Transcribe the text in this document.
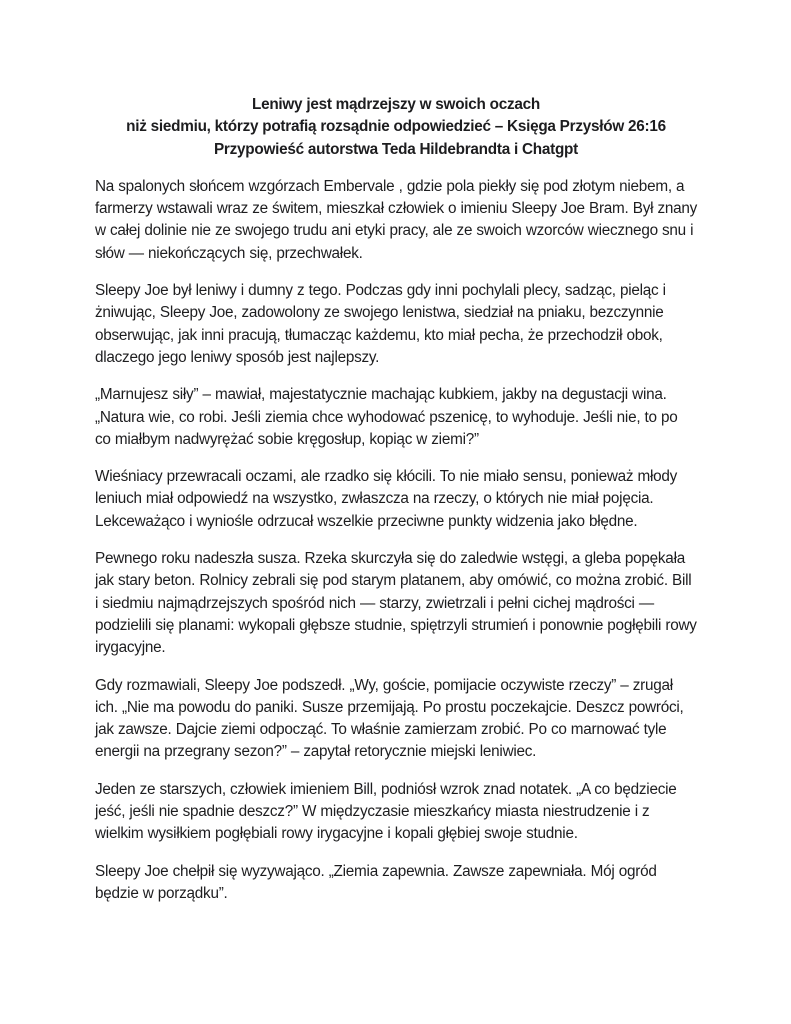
Leniwy jest mądrzejszy w swoich oczach
niż siedmiu, którzy potrafią rozsądnie odpowiedzieć – Księga Przysłów 26:16
Przypowieść autorstwa Teda Hildebrandta i Chatgpt

Na spalonych słońcem wzgórzach Embervale , gdzie pola piekły się pod złotym niebem, a farmerzy wstawali wraz ze świtem, mieszkał człowiek o imieniu Sleepy Joe Bram. Był znany w całej dolinie nie ze swojego trudu ani etyki pracy, ale ze swoich wzorców wiecznego snu i słów — niekończących się, przechwałek.

Sleepy Joe był leniwy i dumny z tego. Podczas gdy inni pochylali plecy, sadząc, pieląc i żniwując, Sleepy Joe, zadowolony ze swojego lenistwa, siedział na pniaku, bezczynnie obserwując, jak inni pracują, tłumacząc każdemu, kto miał pecha, że przechodził obok, dlaczego jego leniwy sposób jest najlepszy.

„Marnujesz siły” – mawiał, majestatycznie machając kubkiem, jakby na degustacji wina. „Natura wie, co robi. Jeśli ziemia chce wyhodować pszenicę, to wyhoduje. Jeśli nie, to po co miałbym nadwyrężać sobie kręgosłup, kopiąc w ziemi?”

Wieśniacy przewracali oczami, ale rzadko się kłócili. To nie miało sensu, ponieważ młody leniuch miał odpowiedź na wszystko, zwłaszcza na rzeczy, o których nie miał pojęcia. Lekceważąco i wyniośle odrzucał wszelkie przeciwne punkty widzenia jako błędne.

Pewnego roku nadeszła susza. Rzeka skurczyła się do zaledwie wstęgi, a gleba popękała jak stary beton. Rolnicy zebrali się pod starym platanem, aby omówić, co można zrobić. Bill i siedmiu najmądrzejszych spośród nich — starzy, zwietrzali i pełni cichej mądrości — podzielili się planami: wykopali głębsze studnie, spiętrzyli strumień i ponownie pogłębili rowy irygacyjne.

Gdy rozmawiali, Sleepy Joe podszedł. „Wy, goście, pomijacie oczywiste rzeczy” – zrugał ich. „Nie ma powodu do paniki. Susze przemijają. Po prostu poczekajcie. Deszcz powróci, jak zawsze. Dajcie ziemi odpocząć. To właśnie zamierzam zrobić. Po co marnować tyle energii na przegrany sezon?” – zapytał retorycznie miejski leniwiec.

Jeden ze starszych, człowiek imieniem Bill, podniósł wzrok znad notatek. „A co będziecie jeść, jeśli nie spadnie deszcz?” W międzyczasie mieszkańcy miasta niestrudzenie i z wielkim wysiłkiem pogłębiali rowy irygacyjne i kopali głębiej swoje studnie.

Sleepy Joe chełpił się wyzywająco. „Ziemia zapewnia. Zawsze zapewniała. Mój ogród będzie w porządku”.
